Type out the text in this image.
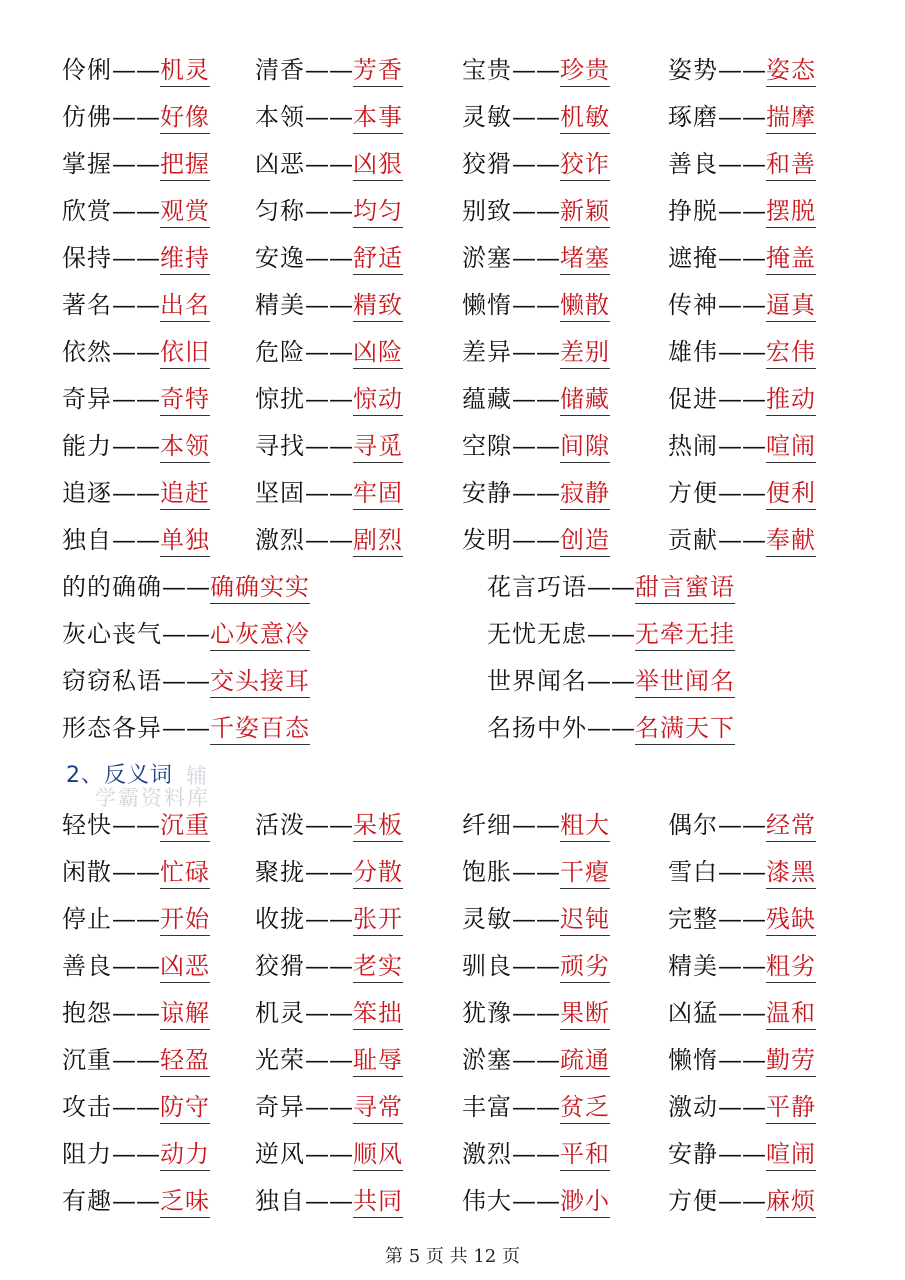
伶俐——机灵 清香——芳香 宝贵——珍贵 姿势——姿态
仿佛——好像 本领——本事 灵敏——机敏 琢磨——揣摩
掌握——把握 凶恶——凶狠 狡猾——狡诈 善良——和善
欣赏——观赏 匀称——均匀 别致——新颖 挣脱——摆脱
保持——维持 安逸——舒适 淤塞——堵塞 遮掩——掩盖
著名——出名 精美——精致 懒惰——懒散 传神——逼真
依然——依旧 危险——凶险 差异——差别 雄伟——宏伟
奇异——奇特 惊扰——惊动 蕴藏——储藏 促进——推动
能力——本领 寻找——寻觅 空隙——间隙 热闹——喧闹
追逐——追赶 坚固——牢固 安静——寂静 方便——便利
独自——单独 激烈——剧烈 发明——创造 贡献——奉献
的的确确——确确实实	花言巧语——甜言蜜语
灰心丧气——心灰意冷	无忧无虑——无牵无挂
窃窃私语——交头接耳	世界闻名——举世闻名
形态各异——千姿百态	名扬中外——名满天下
2、反义词
学霸资料库
辅
轻快——沉重 活泼——呆板 纤细——粗大 偶尔——经常
闲散——忙碌 聚拢——分散 饱胀——干瘪 雪白——漆黑
停止——开始 收拢——张开 灵敏——迟钝 完整——残缺
善良——凶恶 狡猾——老实 驯良——顽劣 精美——粗劣
抱怨——谅解 机灵——笨拙 犹豫——果断 凶猛——温和
沉重——轻盈 光荣——耻辱 淤塞——疏通 懒惰——勤劳
攻击——防守 奇异——寻常 丰富——贫乏 激动——平静
阻力——动力 逆风——顺风 激烈——平和 安静——喧闹
有趣——乏味 独自——共同 伟大——渺小 方便——麻烦
第 5 页 共 12 页
